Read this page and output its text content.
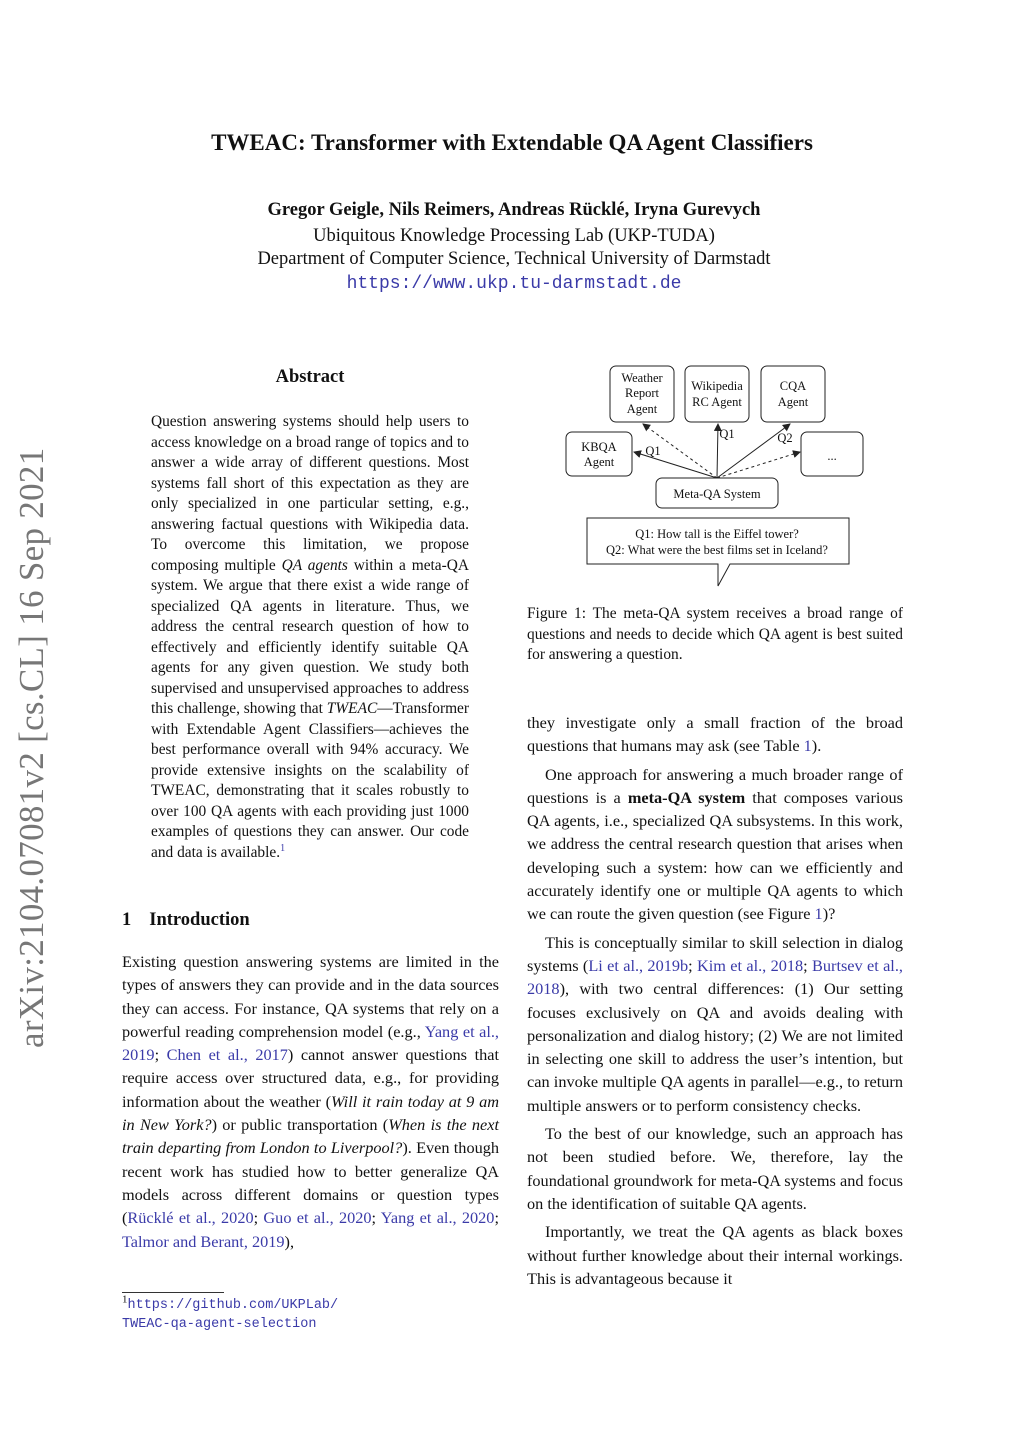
arXiv:2104.07081v2 [cs.CL] 16 Sep 2021
TWEAC: Transformer with Extendable QA Agent Classifiers
Gregor Geigle, Nils Reimers, Andreas Rücklé, Iryna Gurevych
Ubiquitous Knowledge Processing Lab (UKP-TUDA)
Department of Computer Science, Technical University of Darmstadt
https://www.ukp.tu-darmstadt.de
Abstract
Question answering systems should help users to access knowledge on a broad range of topics and to answer a wide array of different questions. Most systems fall short of this expectation as they are only specialized in one particular setting, e.g., answering factual questions with Wikipedia data. To overcome this limitation, we propose composing multiple QA agents within a meta-QA system. We argue that there exist a wide range of specialized QA agents in literature. Thus, we address the central research question of how to effectively and efficiently identify suitable QA agents for any given question. We study both supervised and unsupervised approaches to address this challenge, showing that TWEAC—Transformer with Extendable Agent Classifiers—achieves the best performance overall with 94% accuracy. We provide extensive insights on the scalability of TWEAC, demonstrating that it scales robustly to over 100 QA agents with each providing just 1000 examples of questions they can answer. Our code and data is available.$^1$
1 Introduction
Existing question answering systems are limited in the types of answers they can provide and in the data sources they can access. For instance, QA systems that rely on a powerful reading comprehension model (e.g., Yang et al., 2019; Chen et al., 2017) cannot answer questions that require access over structured data, e.g., for providing information about the weather (Will it rain today at 9 am in New York?) or public transportation (When is the next train departing from London to Liverpool?). Even though recent work has studied how to better generalize QA models across different domains or question types (Rücklé et al., 2020; Guo et al., 2020; Yang et al., 2020; Talmor and Berant, 2019),
$^1$https://github.com/UKPLab/
TWEAC-qa-agent-selection
Weather
Report
Agent
Wikipedia
RC Agent
CQA
Agent
KBQA
Agent	...
Meta-QA System
Q1
Q1	Q2
Q1: How tall is the Eiffel tower?
Q2: What were the best films set in Iceland?
Figure 1: The meta-QA system receives a broad range of questions and needs to decide which QA agent is best suited for answering a question.

they investigate only a small fraction of the broad questions that humans may ask (see Table 1).

One approach for answering a much broader range of questions is a meta-QA system that composes various QA agents, i.e., specialized QA subsystems. In this work, we address the central research question that arises when developing such a system: how can we efficiently and accurately identify one or multiple QA agents to which we can route the given question (see Figure 1)?

This is conceptually similar to skill selection in dialog systems (Li et al., 2019b; Kim et al., 2018; Burtsev et al., 2018), with two central differences: (1) Our setting focuses exclusively on QA and avoids dealing with personalization and dialog history; (2) We are not limited in selecting one skill to address the user’s intention, but can invoke multiple QA agents in parallel—e.g., to return multiple answers or to perform consistency checks.

To the best of our knowledge, such an approach has not been studied before. We, therefore, lay the foundational groundwork for meta-QA systems and focus on the identification of suitable QA agents.

Importantly, we treat the QA agents as black boxes without further knowledge about their internal workings. This is advantageous because it
